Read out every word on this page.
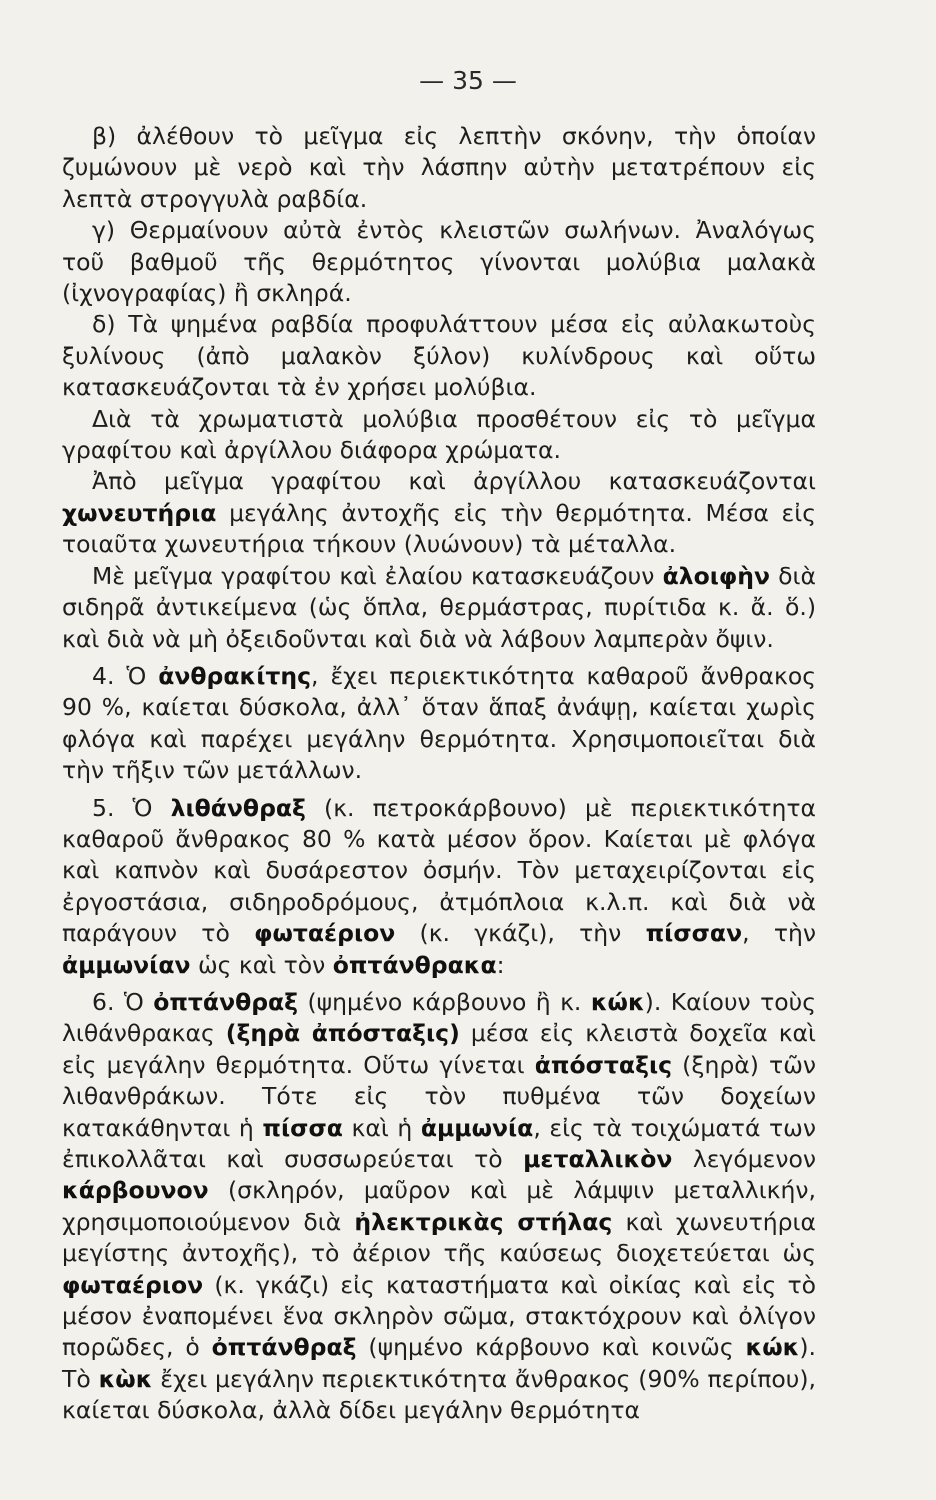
— 35 —

β) ἀλέθουν τὸ μεῖγμα εἰς λεπτὴν σκόνην, τὴν ὁποίαν ζυμώνουν μὲ νερὸ καὶ τὴν λάσπην αὐτὴν μετατρέπουν εἰς λεπτὰ στρογγυλὰ ραβδία.

γ) Θερμαίνουν αὐτὰ ἐντὸς κλειστῶν σωλήνων. Ἀναλόγως τοῦ βαθμοῦ τῆς θερμότητος γίνονται μολύβια μαλακὰ (ἰχνογραφίας) ἢ σκληρά.

δ) Τὰ ψημένα ραβδία προφυλάττουν μέσα εἰς αὐλακωτοὺς ξυλίνους (ἀπὸ μαλακὸν ξύλον) κυλίνδρους καὶ οὕτω κατασκευάζονται τὰ ἐν χρήσει μολύβια.

Διὰ τὰ χρωματιστὰ μολύβια προσθέτουν εἰς τὸ μεῖγμα γραφίτου καὶ ἀργίλλου διάφορα χρώματα.

Ἀπὸ μεῖγμα γραφίτου καὶ ἀργίλλου κατασκευάζονται χωνευτήρια μεγάλης ἀντοχῆς εἰς τὴν θερμότητα. Μέσα εἰς τοιαῦτα χωνευτήρια τήκουν (λυώνουν) τὰ μέταλλα.

Μὲ μεῖγμα γραφίτου καὶ ἐλαίου κατασκευάζουν ἀλοιφὴν διὰ σιδηρᾶ ἀντικείμενα (ὡς ὅπλα, θερμάστρας, πυρίτιδα κ. ἄ. ὅ.) καὶ διὰ νὰ μὴ ὀξειδοῦνται καὶ διὰ νὰ λάβουν λαμπερὰν ὄψιν.

4. Ὁ ἀνθρακίτης, ἔχει περιεκτικότητα καθαροῦ ἄνθρακος 90 %, καίεται δύσκολα, ἀλλ᾽ ὅταν ἅπαξ ἀνάψῃ, καίεται χωρὶς φλόγα καὶ παρέχει μεγάλην θερμότητα. Χρησιμοποιεῖται διὰ τὴν τῆξιν τῶν μετάλλων.

5. Ὁ λιθάνθραξ (κ. πετροκάρβουνο) μὲ περιεκτικότητα καθαροῦ ἄνθρακος 80 % κατὰ μέσον ὅρον. Καίεται μὲ φλόγα καὶ καπνὸν καὶ δυσάρεστον ὀσμήν. Τὸν μεταχειρίζονται εἰς ἐργοστάσια, σιδηροδρόμους, ἀτμόπλοια κ.λ.π. καὶ διὰ νὰ παράγουν τὸ φωταέριον (κ. γκάζι), τὴν πίσσαν, τὴν ἀμμωνίαν ὡς καὶ τὸν ὀπτάνθρακα:

6. Ὁ ὀπτάνθραξ (ψημένο κάρβουνο ἢ κ. κώκ). Καίουν τοὺς λιθάνθρακας (ξηρὰ ἀπόσταξις) μέσα εἰς κλειστὰ δοχεῖα καὶ εἰς μεγάλην θερμότητα. Οὕτω γίνεται ἀπόσταξις (ξηρὰ) τῶν λιθανθράκων. Τότε εἰς τὸν πυθμένα τῶν δοχείων κατακάθηνται ἡ πίσσα καὶ ἡ ἀμμωνία, εἰς τὰ τοιχώματά των ἐπικολλᾶται καὶ συσσωρεύεται τὸ μεταλλικὸν λεγόμενον κάρβουνον (σκληρόν, μαῦρον καὶ μὲ λάμψιν μεταλλικήν, χρησιμοποιούμενον διὰ ἠλεκτρικὰς στήλας καὶ χωνευτήρια μεγίστης ἀντοχῆς), τὸ ἀέριον τῆς καύσεως διοχετεύεται ὡς φωταέριον (κ. γκάζι) εἰς καταστήματα καὶ οἰκίας καὶ εἰς τὸ μέσον ἐναπομένει ἕνα σκληρὸν σῶμα, στακτόχρουν καὶ ὀλίγον πορῶδες, ὁ ὀπτάνθραξ (ψημένο κάρβουνο καὶ κοινῶς κώκ). Τὸ κὼκ ἔχει μεγάλην περιεκτικότητα ἄνθρακος (90% περίπου), καίεται δύσκολα, ἀλλὰ δίδει μεγάλην θερμότητα
